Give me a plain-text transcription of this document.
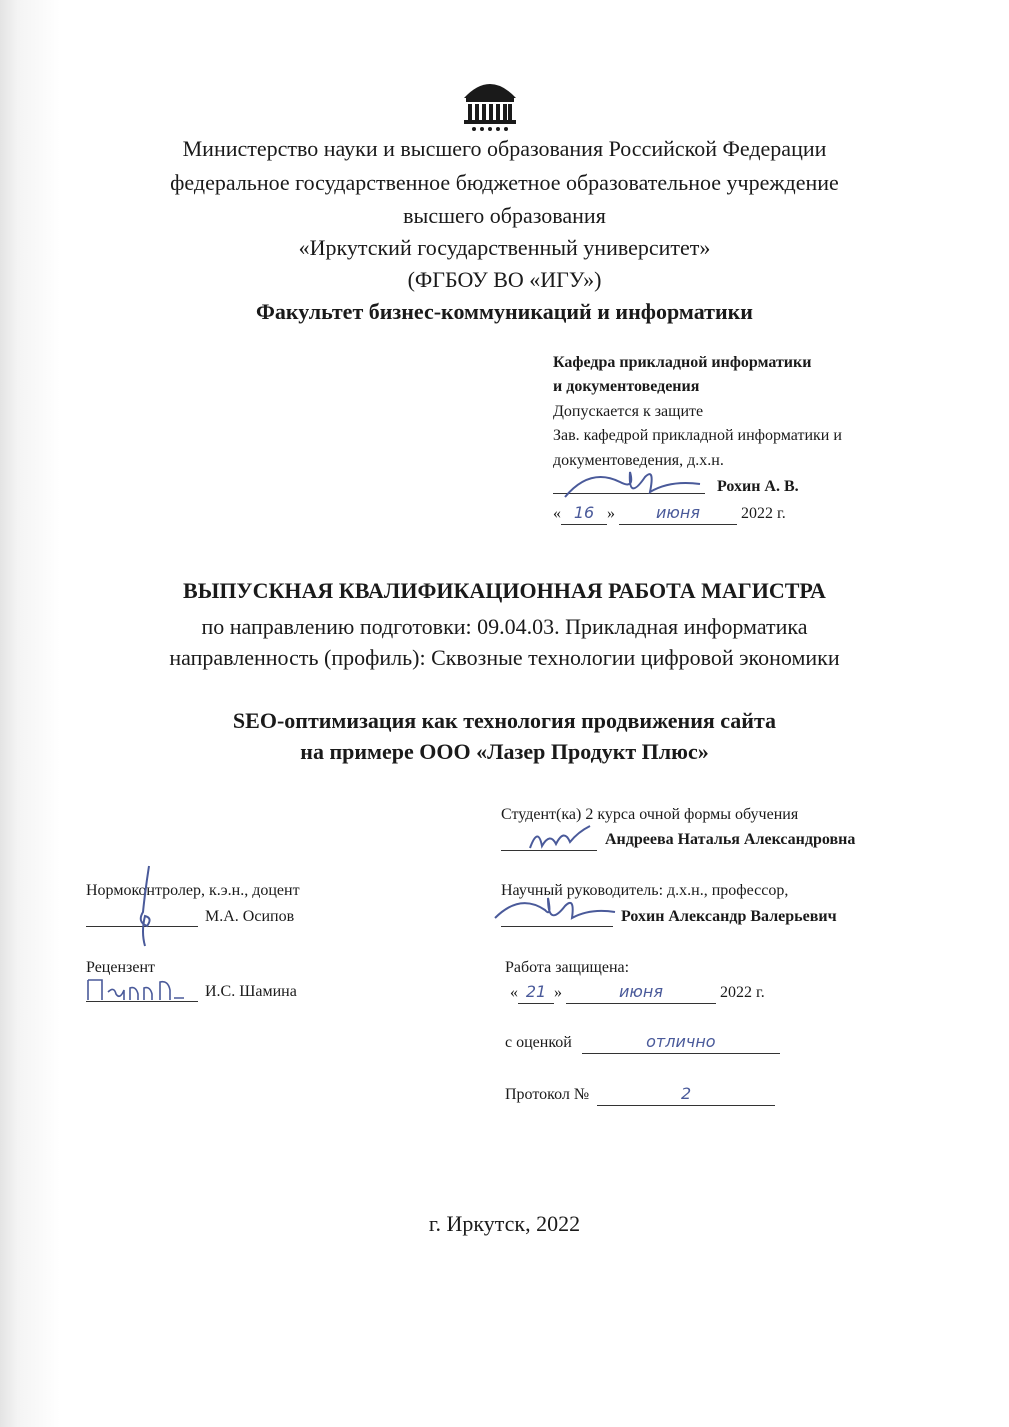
Министерство науки и высшего образования Российской Федерации
федеральное государственное бюджетное образовательное учреждение
высшего образования
«Иркутский государственный университет»
(ФГБОУ ВО «ИГУ»)
Факультет бизнес-коммуникаций и информатики
Кафедра прикладной информатики
и документоведения
Допускается к защите
Зав. кафедрой прикладной информатики и
документоведения, д.х.н.
Рохин А. В.
« 16 »	июня	2022 г.
ВЫПУСКНАЯ КВАЛИФИКАЦИОННАЯ РАБОТА МАГИСТРА
по направлению подготовки: 09.04.03. Прикладная информатика
направленность (профиль): Сквозные технологии цифровой экономики
SEO-оптимизация как технология продвижения сайта
на примере ООО «Лазер Продукт Плюс»
Студент(ка) 2 курса очной формы обучения
Андреева Наталья Александровна
Научный руководитель: д.х.н., профессор,
Рохин Александр Валерьевич
Нормоконтролер, к.э.н., доцент
М.А. Осипов
Рецензент
И.С. Шамина
Работа защищена:
« 21 »	июня	2022 г.
с оценкой	отлично
Протокол №	2
г. Иркутск, 2022
